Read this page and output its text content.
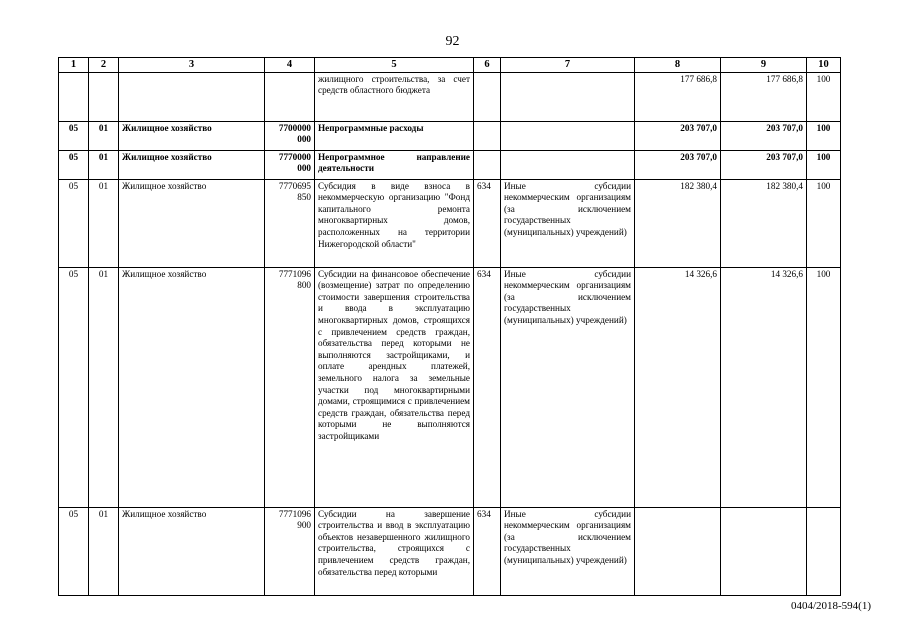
92
1	2	3	4	5	6	7	8	9	10
				жилищного строительства, за счет средств областного бюджета			177 686,8	177 686,8	100
05	01	Жилищное хозяйство	7700000 000	Непрограммные расходы			203 707,0	203 707,0	100
05	01	Жилищное хозяйство	7770000 000	Непрограммное направление деятельности			203 707,0	203 707,0	100
05	01	Жилищное хозяйство	7770695 850	Субсидия в виде взноса в некоммерческую организацию "Фонд капитального ремонта многоквартирных домов, расположенных на территории Нижегородской области"	634	Иные субсидии некоммерческим организациям (за исключением государственных (муниципальных) учреждений)	182 380,4	182 380,4	100
05	01	Жилищное хозяйство	7771096 800	Субсидии на финансовое обеспечение (возмещение) затрат по определению стоимости завершения строительства и ввода в эксплуатацию многоквартирных домов, строящихся с привлечением средств граждан, обязательства перед которыми не выполняются застройщиками, и оплате арендных платежей, земельного налога за земельные участки под многоквартирными домами, строящимися с привлечением средств граждан, обязательства перед которыми не выполняются застройщиками	634	Иные субсидии некоммерческим организациям (за исключением государственных (муниципальных) учреждений)	14 326,6	14 326,6	100
05	01	Жилищное хозяйство	7771096 900	Субсидии на завершение строительства и ввод в эксплуатацию объектов незавершенного жилищного строительства, строящихся с привлечением средств граждан, обязательства перед которыми	634	Иные субсидии некоммерческим организациям (за исключением государственных (муниципальных) учреждений)			
0404/2018-594(1)
